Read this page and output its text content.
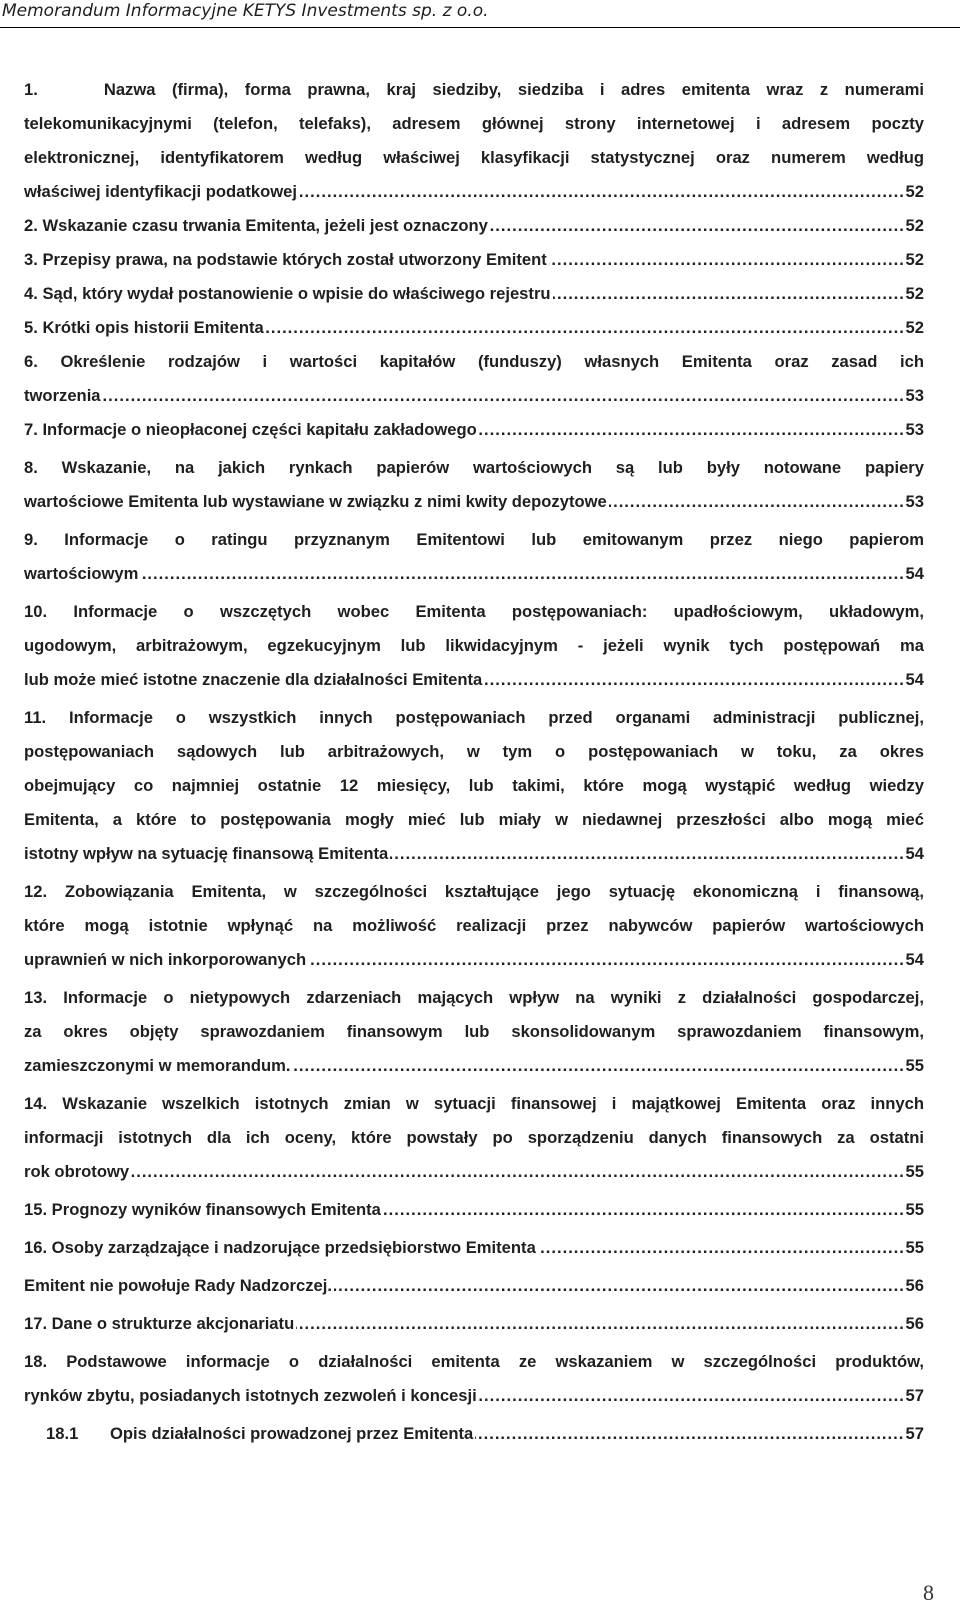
Memorandum Informacyjne KETYS Investments sp. z o.o.
1.    Nazwa (firma), forma prawna, kraj siedziby, siedziba i adres emitenta wraz z numerami
telekomunikacyjnymi (telefon, telefaks), adresem głównej strony internetowej i adresem poczty
elektronicznej, identyfikatorem według właściwej klasyfikacji statystycznej oraz numerem według
właściwej identyfikacji podatkowej	52
.....
2. Wskazanie czasu trwania Emitenta, jeżeli jest oznaczony	52
.....
3. Przepisy prawa, na podstawie których został utworzony Emitent	52
.....
4. Sąd, który wydał postanowienie o wpisie do właściwego rejestru	52
.....
5. Krótki opis historii Emitenta	52
.....
6. Określenie rodzajów i wartości kapitałów (funduszy) własnych Emitenta oraz zasad ich
tworzenia	53
.....
7. Informacje o nieopłaconej części kapitału zakładowego	53
.....
8. Wskazanie, na jakich rynkach papierów wartościowych są lub były notowane papiery
wartościowe Emitenta lub wystawiane w związku z nimi kwity depozytowe	53
.....
9. Informacje o ratingu przyznanym Emitentowi lub emitowanym przez niego papierom
wartościowym	54
.....
10. Informacje o wszczętych wobec Emitenta postępowaniach: upadłościowym, układowym,
ugodowym, arbitrażowym, egzekucyjnym lub likwidacyjnym - jeżeli wynik tych postępowań ma
lub może mieć istotne znaczenie dla działalności Emitenta	54
.....
11. Informacje o wszystkich innych postępowaniach przed organami administracji publicznej,
postępowaniach sądowych lub arbitrażowych, w tym o postępowaniach w toku, za okres
obejmujący co najmniej ostatnie 12 miesięcy, lub takimi, które mogą wystąpić według wiedzy
Emitenta, a które to postępowania mogły mieć lub miały w niedawnej przeszłości albo mogą mieć
istotny wpływ na sytuację finansową Emitenta	54
.....
12. Zobowiązania Emitenta, w szczególności kształtujące jego sytuację ekonomiczną i finansową,
które mogą istotnie wpłynąć na możliwość realizacji przez nabywców papierów wartościowych
uprawnień w nich inkorporowanych	54
.....
13. Informacje o nietypowych zdarzeniach mających wpływ na wyniki z działalności gospodarczej,
za okres objęty sprawozdaniem finansowym lub skonsolidowanym sprawozdaniem finansowym,
zamieszczonymi w memorandum.	55
.....
14. Wskazanie wszelkich istotnych zmian w sytuacji finansowej i majątkowej Emitenta oraz innych
informacji istotnych dla ich oceny, które powstały po sporządzeniu danych finansowych za ostatni
rok obrotowy	55
.....
15. Prognozy wyników finansowych Emitenta	55
.....
16. Osoby zarządzające i nadzorujące przedsiębiorstwo Emitenta	55
.....
Emitent nie powołuje Rady Nadzorczej.	56
.....
17. Dane o strukturze akcjonariatu	56
.....
18. Podstawowe informacje o działalności emitenta ze wskazaniem w szczególności produktów,
rynków zbytu, posiadanych istotnych zezwoleń i koncesji	57
.....
18.1 Opis działalności prowadzonej przez Emitenta	57
.....
8
